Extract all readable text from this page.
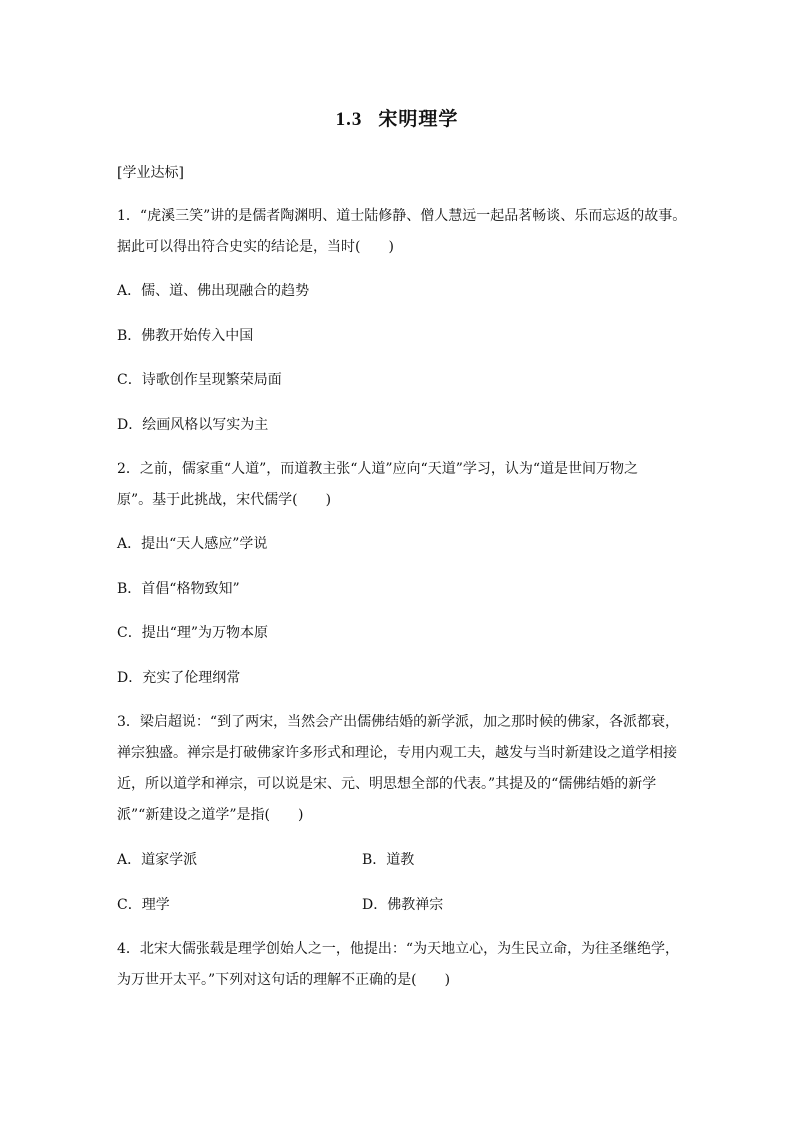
1.3 宋明理学
[学业达标]
1．“虎溪三笑”讲的是儒者陶渊明、道士陆修静、僧人慧远一起品茗畅谈、乐而忘返的故事。
据此可以得出符合史实的结论是，当时( )
A．儒、道、佛出现融合的趋势
B．佛教开始传入中国
C．诗歌创作呈现繁荣局面
D．绘画风格以写实为主
2．之前，儒家重“人道”，而道教主张“人道”应向“天道”学习，认为“道是世间万物之
原”。基于此挑战，宋代儒学( )
A．提出“天人感应”学说
B．首倡“格物致知”
C．提出“理”为万物本原
D．充实了伦理纲常
3．梁启超说：“到了两宋，当然会产出儒佛结婚的新学派，加之那时候的佛家，各派都衰，
禅宗独盛。禅宗是打破佛家许多形式和理论，专用内观工夫，越发与当时新建设之道学相接
近，所以道学和禅宗，可以说是宋、元、明思想全部的代表。”其提及的“儒佛结婚的新学
派”“新建设之道学”是指( )
A．道家学派	B．道教
C．理学	D．佛教禅宗
4．北宋大儒张载是理学创始人之一，他提出：“为天地立心，为生民立命，为往圣继绝学，
为万世开太平。”下列对这句话的理解不正确的是( )
